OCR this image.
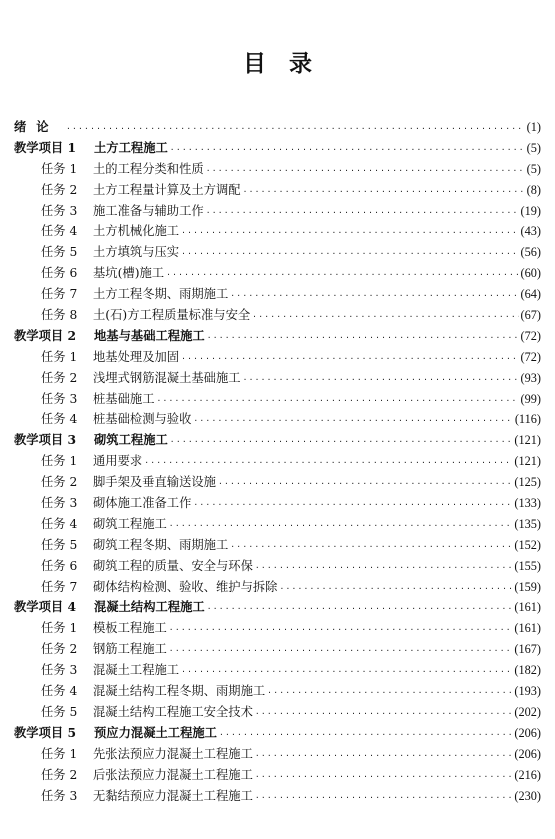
目　录
绪论 ·····	(1)
教学项目 1	土方工程施工 ·····	(5)
任务 1	土的工程分类和性质 ·····	(5)
任务 2	土方工程量计算及土方调配 ·····	(8)
任务 3	施工准备与辅助工作 ·····	(19)
任务 4	土方机械化施工 ·····	(43)
任务 5	土方填筑与压实 ·····	(56)
任务 6	基坑(槽)施工 ·····	(60)
任务 7	土方工程冬期、雨期施工 ·····	(64)
任务 8	土(石)方工程质量标准与安全 ·····	(67)
教学项目 2	地基与基础工程施工 ·····	(72)
任务 1	地基处理及加固 ·····	(72)
任务 2	浅埋式钢筋混凝土基础施工 ·····	(93)
任务 3	桩基础施工 ·····	(99)
任务 4	桩基础检测与验收 ·····	(116)
教学项目 3	砌筑工程施工 ·····	(121)
任务 1	通用要求 ·····	(121)
任务 2	脚手架及垂直输送设施 ·····	(125)
任务 3	砌体施工准备工作 ·····	(133)
任务 4	砌筑工程施工 ·····	(135)
任务 5	砌筑工程冬期、雨期施工 ·····	(152)
任务 6	砌筑工程的质量、安全与环保 ·····	(155)
任务 7	砌体结构检测、验收、维护与拆除 ·····	(159)
教学项目 4	混凝土结构工程施工 ·····	(161)
任务 1	模板工程施工 ·····	(161)
任务 2	钢筋工程施工 ·····	(167)
任务 3	混凝土工程施工 ·····	(182)
任务 4	混凝土结构工程冬期、雨期施工 ·····	(193)
任务 5	混凝土结构工程施工安全技术 ·····	(202)
教学项目 5	预应力混凝土工程施工 ·····	(206)
任务 1	先张法预应力混凝土工程施工 ·····	(206)
任务 2	后张法预应力混凝土工程施工 ·····	(216)
任务 3	无黏结预应力混凝土工程施工 ·····	(230)
